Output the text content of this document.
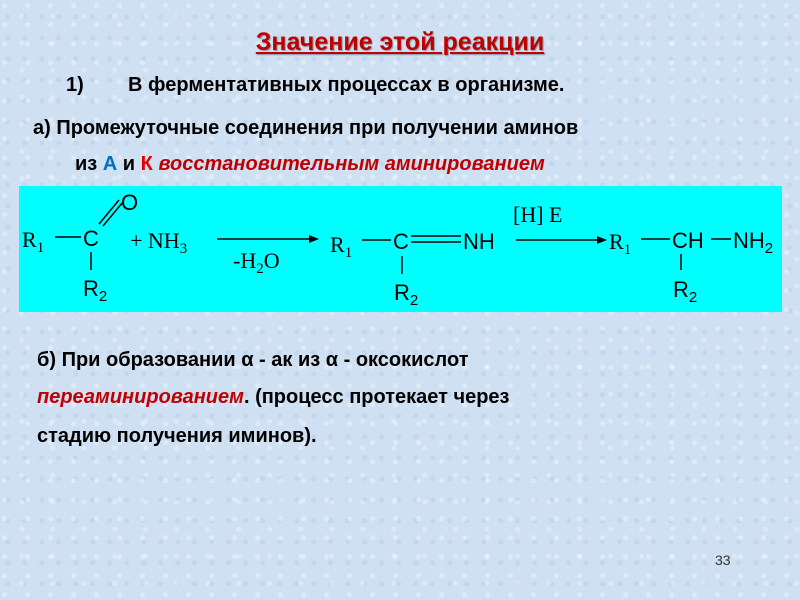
Значение этой реакции
1) В ферментативных процессах в организме.
а) Промежуточные соединения при получении аминов
из А и К восстановительным аминированием
O
$R_1$ C
$R_2$
+ $NH_3$ $-H_2O$
$R_1$ C NH
$R_2$
[H] E
$R_1$ CH $NH_2$
$R_2$
б) При образовании α - ак из α - оксокислот
переаминированием. (процесс протекает через
стадию получения иминов).
33
